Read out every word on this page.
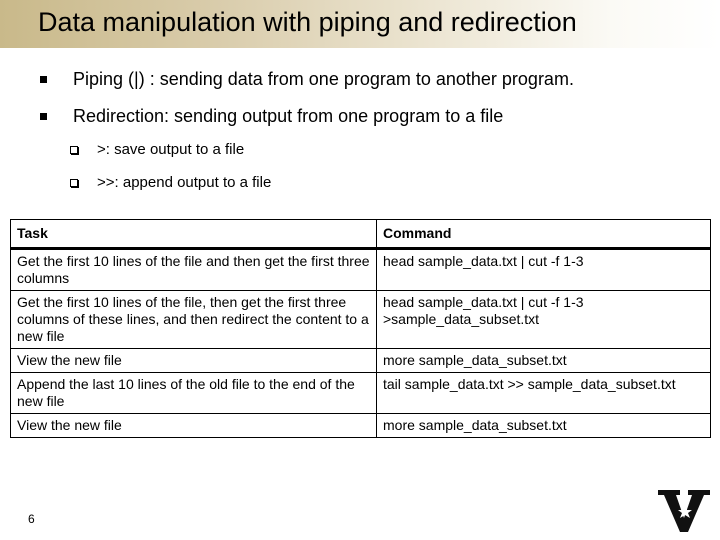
Data manipulation with piping and redirection
Piping (|) : sending data from one program to another program.
Redirection: sending output from one program to a file
>: save output to a file
>>: append output to a file
Task	Command
Get the first 10 lines of the file and then get the first three columns	head sample_data.txt | cut -f 1-3
Get the first 10 lines of the file, then get the first three columns of these lines, and then redirect the content to a new file	head sample_data.txt | cut -f 1-3 >sample_data_subset.txt
View the new file	more sample_data_subset.txt
Append the last 10 lines of the old file to the end of the new file	tail sample_data.txt >> sample_data_subset.txt
View the new file	more sample_data_subset.txt
6
